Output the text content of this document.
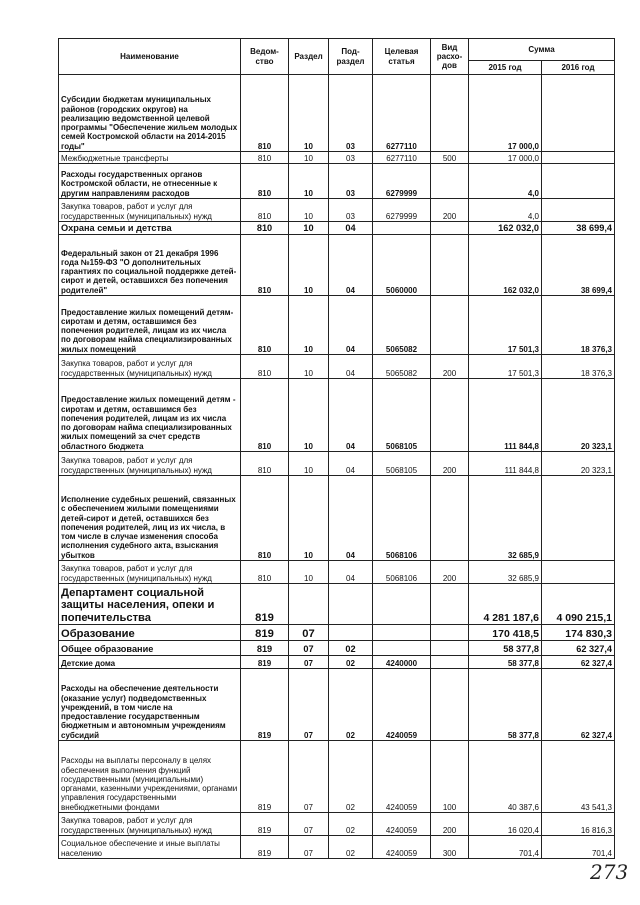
Наименование	Ведом-ство	Раздел	Под-раздел	Целевая статья	Вид расхо-дов	Сумма	
						2015 год	2016 год
Субсидии бюджетам муниципальных районов (городских округов) на реализацию ведомственной целевой программы "Обеспечение жильем молодых семей Костромской области на 2014-2015 годы"	810	10	03	6277110		17 000,0	
Межбюджетные трансферты	810	10	03	6277110	500	17 000,0	
Расходы государственных органов Костромской области, не отнесенные к другим направлениям расходов	810	10	03	6279999		4,0	
Закупка товаров, работ и услуг для государственных (муниципальных) нужд	810	10	03	6279999	200	4,0	
Охрана семьи и детства	810	10	04			162 032,0	38 699,4
Федеральный закон от 21 декабря 1996 года №159-ФЗ "О дополнительных гарантиях по социальной поддержке детей-сирот и детей, оставшихся без попечения родителей"	810	10	04	5060000		162 032,0	38 699,4
Предоставление жилых помещений детям-сиротам и детям, оставшимся без попечения родителей, лицам из их числа по договорам найма специализированных жилых помещений	810	10	04	5065082		17 501,3	18 376,3
Закупка товаров, работ и услуг для государственных (муниципальных) нужд	810	10	04	5065082	200	17 501,3	18 376,3
Предоставление жилых помещений детям - сиротам и детям, оставшимся без попечения родителей, лицам из их числа по договорам найма специализированных жилых помещений за счет средств областного бюджета	810	10	04	5068105		111 844,8	20 323,1
Закупка товаров, работ и услуг для государственных (муниципальных) нужд	810	10	04	5068105	200	111 844,8	20 323,1
Исполнение судебных решений, связанных с обеспечением жилыми помещениями детей-сирот и детей, оставшихся без попечения родителей, лиц из их числа, в том числе в случае изменения способа исполнения судебного акта, взыскания убытков	810	10	04	5068106		32 685,9	
Закупка товаров, работ и услуг для государственных (муниципальных) нужд	810	10	04	5068106	200	32 685,9	
Департамент социальной защиты населения, опеки и попечительства	819					4 281 187,6	4 090 215,1
Образование	819	07				170 418,5	174 830,3
Общее образование	819	07	02			58 377,8	62 327,4
Детские дома	819	07	02	4240000		58 377,8	62 327,4
Расходы на обеспечение деятельности (оказание услуг) подведомственных учреждений, в том числе на предоставление государственным бюджетным и автономным учреждениям субсидий	819	07	02	4240059		58 377,8	62 327,4
Расходы на выплаты персоналу в целях обеспечения выполнения функций государственными (муниципальными) органами, казенными учреждениями, органами управления государственными внебюджетными фондами	819	07	02	4240059	100	40 387,6	43 541,3
Закупка товаров, работ и услуг для государственных (муниципальных) нужд	819	07	02	4240059	200	16 020,4	16 816,3
Социальное обеспечение и иные выплаты населению	819	07	02	4240059	300	701,4	701,4
273
